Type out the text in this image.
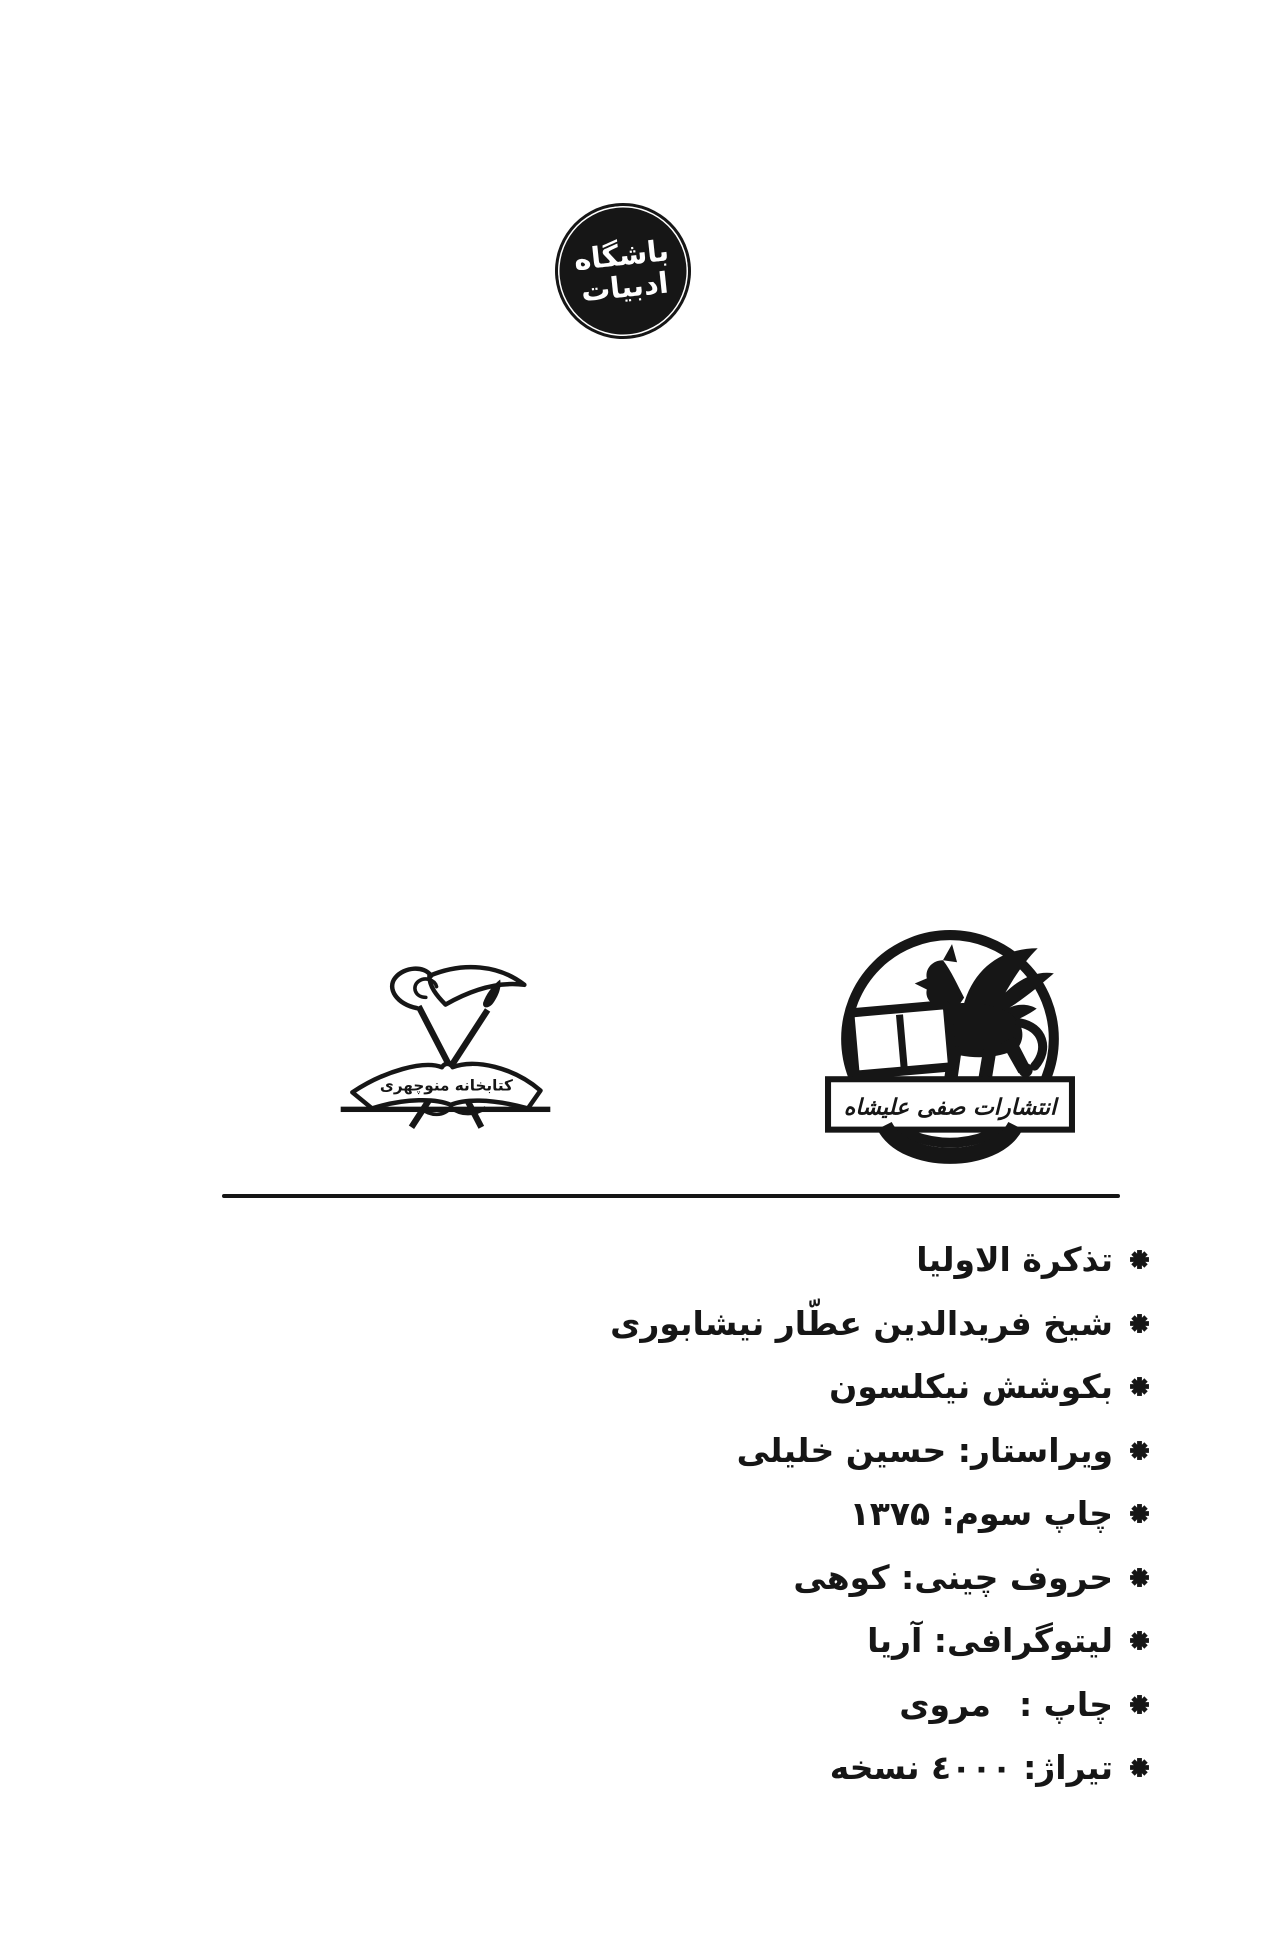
باشگاه
ادبیات
کتابخانه منوچهری
انتشارات صفی علیشاه
تذکرة الاولیا
شیخ فریدالدین عطّار نیشابوری
بکوشش نیکلسون
ویراستار: حسین خلیلی
چاپ سوم: ۱۳۷۵
حروف چینی: کوهی
لیتوگرافی: آریا
چاپ :  مروی
تیراژ: ٤٠٠٠ نسخه
